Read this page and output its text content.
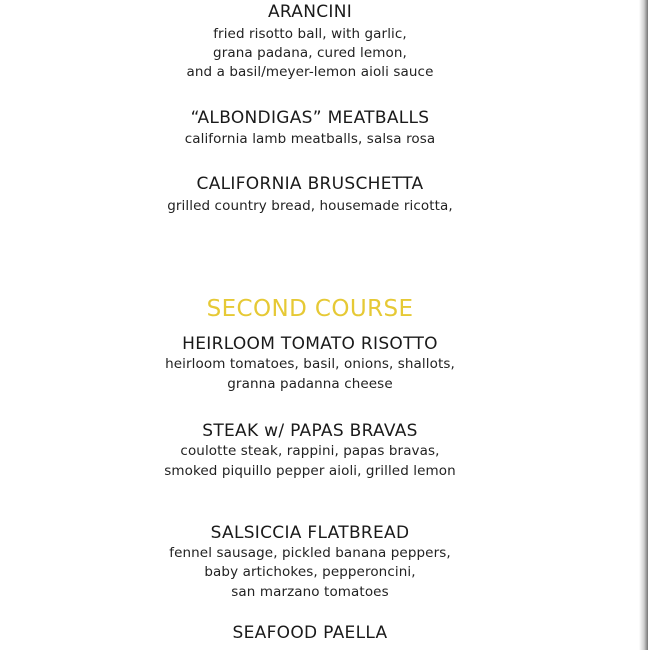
ARANCINI
fried risotto ball, with garlic,
grana padana, cured lemon,
and a basil/meyer-lemon aioli sauce
“ALBONDIGAS” MEATBALLS
california lamb meatballs, salsa rosa
CALIFORNIA BRUSCHETTA
grilled country bread, housemade ricotta,
SECOND COURSE
HEIRLOOM TOMATO RISOTTO
heirloom tomatoes, basil, onions, shallots,
granna padanna cheese
STEAK w/ PAPAS BRAVAS
coulotte steak, rappini, papas bravas,
smoked piquillo pepper aioli, grilled lemon
SALSICCIA FLATBREAD
fennel sausage, pickled banana peppers,
baby artichokes, pepperoncini,
san marzano tomatoes
SEAFOOD PAELLA
